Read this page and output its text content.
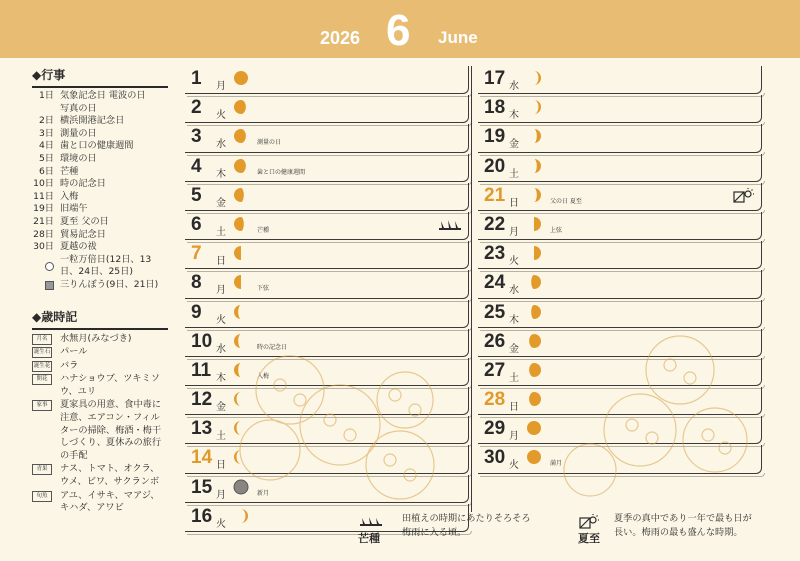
2026 6 June
◆行事
1日 気象記念日 電波の日
写真の日
2日 横浜開港記念日
3日 測量の日
4日 歯と口の健康週間
5日 環境の日
6日 芒種
10日 時の記念日
11日 入梅
19日 旧端午
21日 夏至 父の日
28日 貿易記念日
30日 夏越の祓
一粒万倍日(12日、13日、24日、25日)
三りんぼう(9日、21日)
◆歳時記
月名	水無月(みなづき)
誕生石 パール
誕生花 バラ
開花	ハナショウブ、ツキミソウ、ユリ
家事	夏家具の用意、食中毒に注意、エアコン・フィルターの掃除、梅酒・梅干しづくり、夏休みの旅行の手配
青果	ナス、トマト、オクラ、ウメ、ビワ、サクランボ
旬魚	アユ、イサキ、マアジ、キハダ、アワビ
1	月
2	火
3	水	測量の日
4	木	歯と口の健康週間
5	金
6	土	芒種
7	日
8	月	下弦
9	火
10 水	時の記念日
11 木	入梅
12 金
13 土
14 日
15 月	新月
16 火
17 水
18 木
19 金
20 土
21 日	父の日 夏至
22 月	上弦
23 火
24 水
25 木
26 金
27 土
28 日
29 月
30 火	満月
芒種
田植えの時期にあたりそろそろ
梅雨に入る頃。	夏至
夏季の真中であり一年で最も日が
長い。梅雨の最も盛んな時期。
